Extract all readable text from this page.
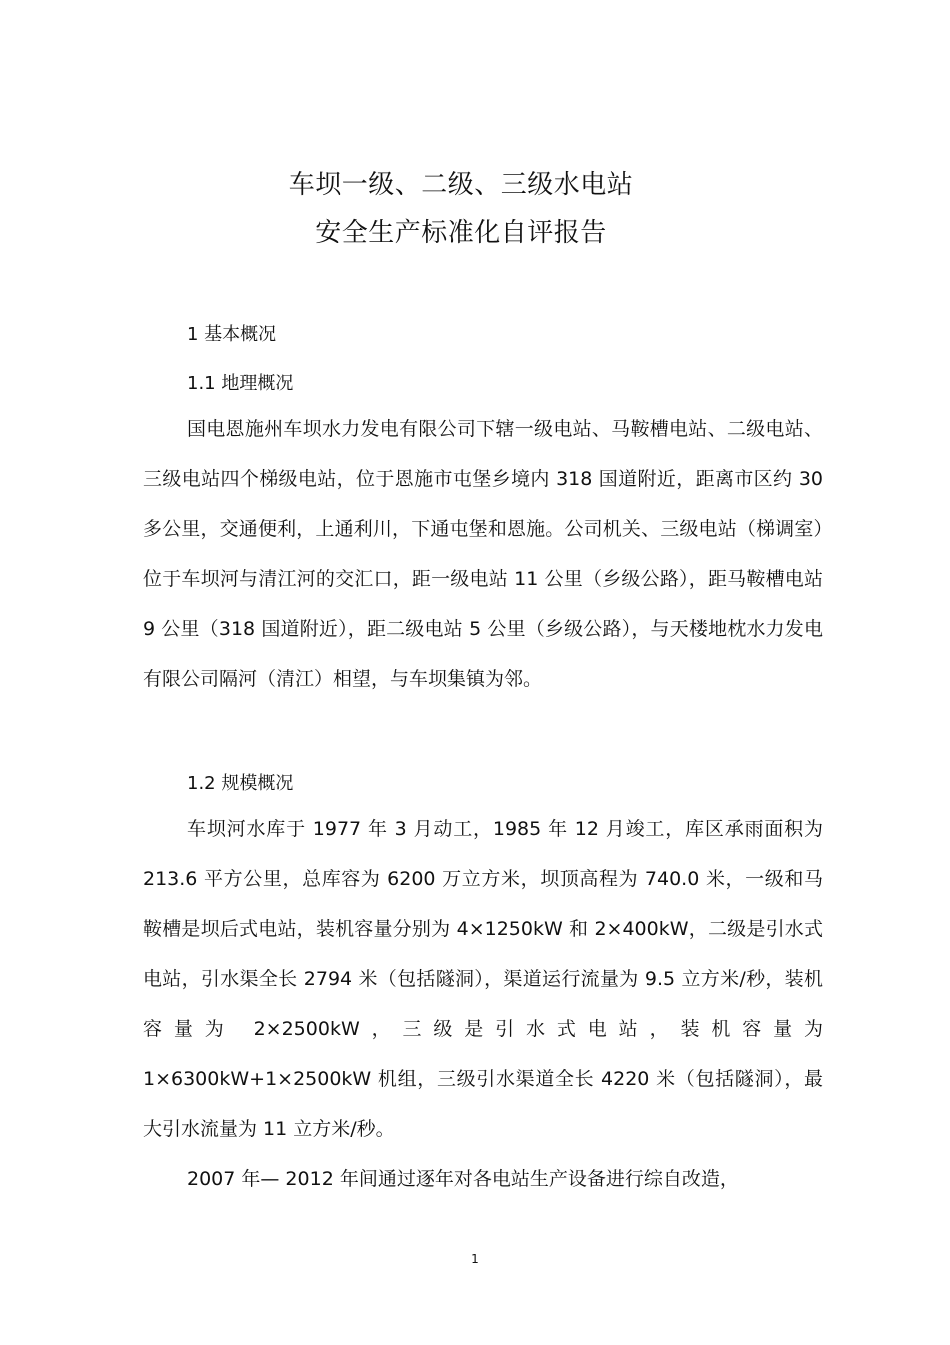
车坝一级、二级、三级水电站
安全生产标准化自评报告
1 基本概况
1.1 地理概况

国电恩施州车坝水力发电有限公司下辖一级电站、马鞍槽电站、二级电站、三级电站四个梯级电站，位于恩施市屯堡乡境内 318 国道附近，距离市区约 30 多公里，交通便利，上通利川，下通屯堡和恩施。公司机关、三级电站（梯调室）位于车坝河与清江河的交汇口，距一级电站 11 公里（乡级公路），距马鞍槽电站 9 公里（318 国道附近），距二级电站 5 公里（乡级公路），与天楼地枕水力发电有限公司隔河（清江）相望，与车坝集镇为邻。

1.2 规模概况

车坝河水库于 1977 年 3 月动工，1985 年 12 月竣工，库区承雨面积为 213.6 平方公里，总库容为 6200 万立方米，坝顶高程为 740.0 米，一级和马鞍槽是坝后式电站，装机容量分别为 4×1250kW 和 2×400kW，二级是引水式电站，引水渠全长 2794 米（包括隧洞），渠道运行流量为 9.5 立方米/秒，装机容量为 2×2500kW，三级是引水式电站，装机容量为 1×6300kW+1×2500kW 机组，三级引水渠道全长 4220 米（包括隧洞），最大引水流量为 11 立方米/秒。

2007 年— 2012 年间通过逐年对各电站生产设备进行综自改造，

1
